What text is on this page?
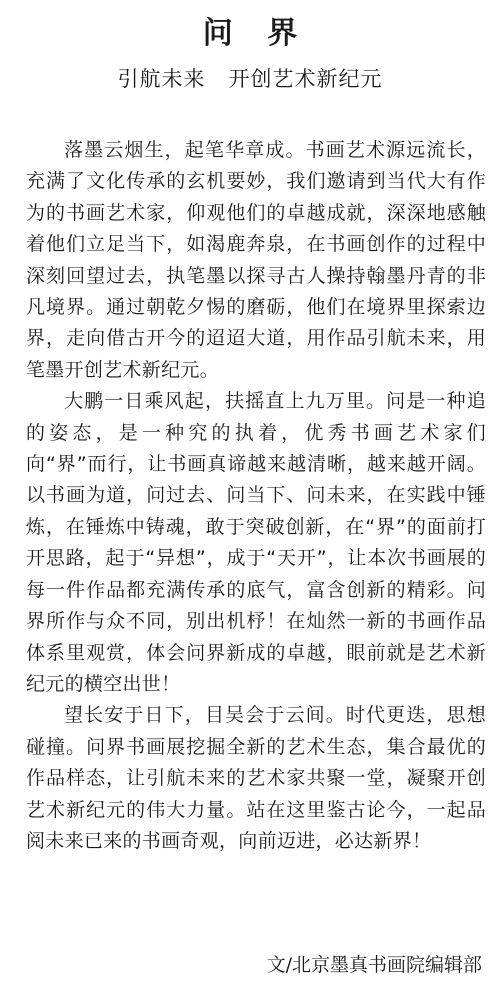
问 界
引航未来   开创艺术新纪元

落墨云烟生，起笔华章成。书画艺术源远流长，充满了文化传承的玄机要妙，我们邀请到当代大有作为的书画艺术家，仰观他们的卓越成就，深深地感触着他们立足当下，如渴鹿奔泉，在书画创作的过程中深刻回望过去，执笔墨以探寻古人操持翰墨丹青的非凡境界。通过朝乾夕惕的磨砺，他们在境界里探索边界，走向借古开今的迢迢大道，用作品引航未来，用笔墨开创艺术新纪元。

大鹏一日乘风起，扶摇直上九万里。问是一种追的姿态，是一种究的执着，优秀书画艺术家们向“界”而行，让书画真谛越来越清晰，越来越开阔。以书画为道，问过去、问当下、问未来，在实践中锤炼，在锤炼中铸魂，敢于突破创新，在“界”的面前打开思路，起于“异想”，成于“天开”，让本次书画展的每一件作品都充满传承的底气，富含创新的精彩。问界所作与众不同，别出机杼！在灿然一新的书画作品体系里观赏，体会问界新成的卓越，眼前就是艺术新纪元的横空出世！

望长安于日下，目吴会于云间。时代更迭，思想碰撞。问界书画展挖掘全新的艺术生态，集合最优的作品样态，让引航未来的艺术家共聚一堂，凝聚开创艺术新纪元的伟大力量。站在这里鉴古论今，一起品阅未来已来的书画奇观，向前迈进，必达新界！

文/北京墨真书画院编辑部
